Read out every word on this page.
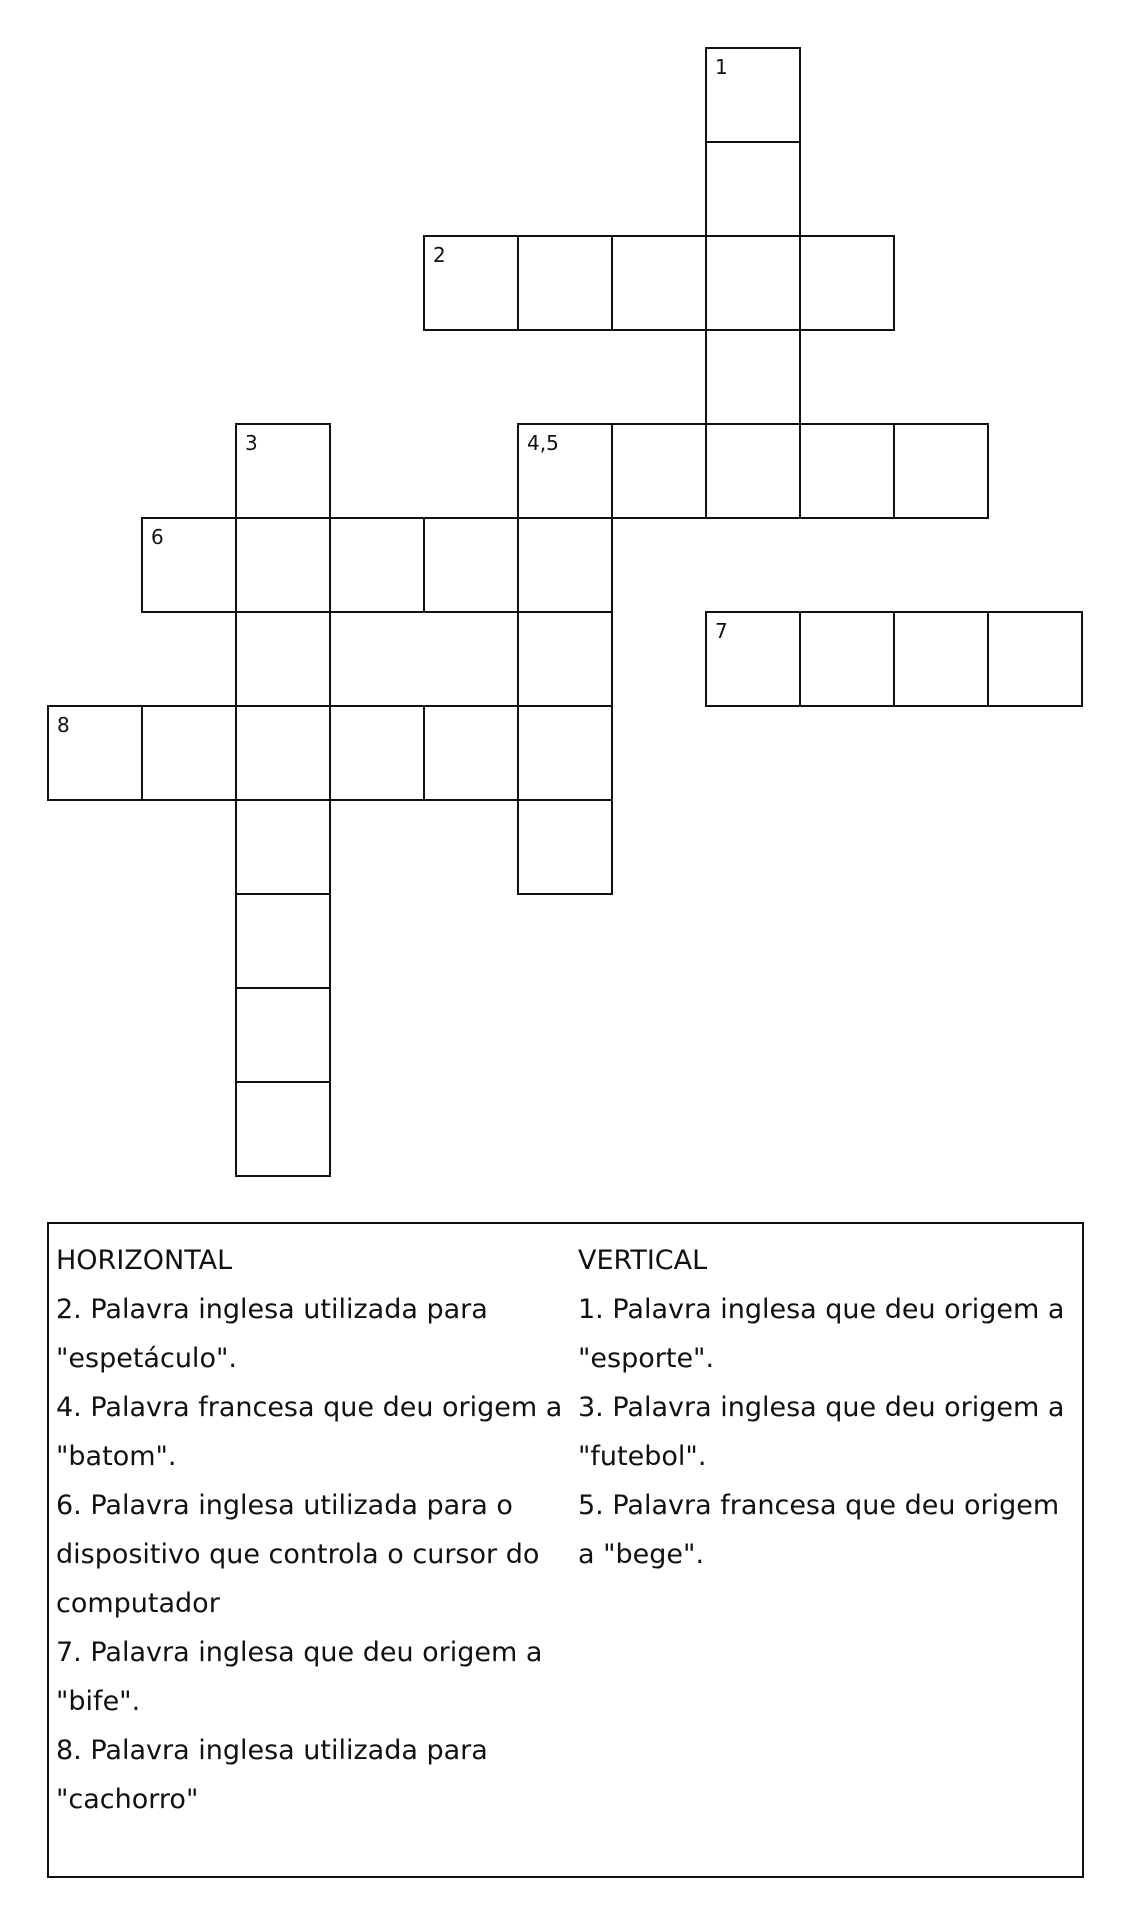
1
2
3	4,5
6
7
8

HORIZONTAL

2. Palavra inglesa utilizada para "espetáculo".

4. Palavra francesa que deu origem a "batom".

6. Palavra inglesa utilizada para o dispositivo que controla o cursor do computador

7. Palavra inglesa que deu origem a "bife".

8. Palavra inglesa utilizada para "cachorro"

VERTICAL

1. Palavra inglesa que deu origem a "esporte".

3. Palavra inglesa que deu origem a "futebol".

5. Palavra francesa que deu origem a "bege".
